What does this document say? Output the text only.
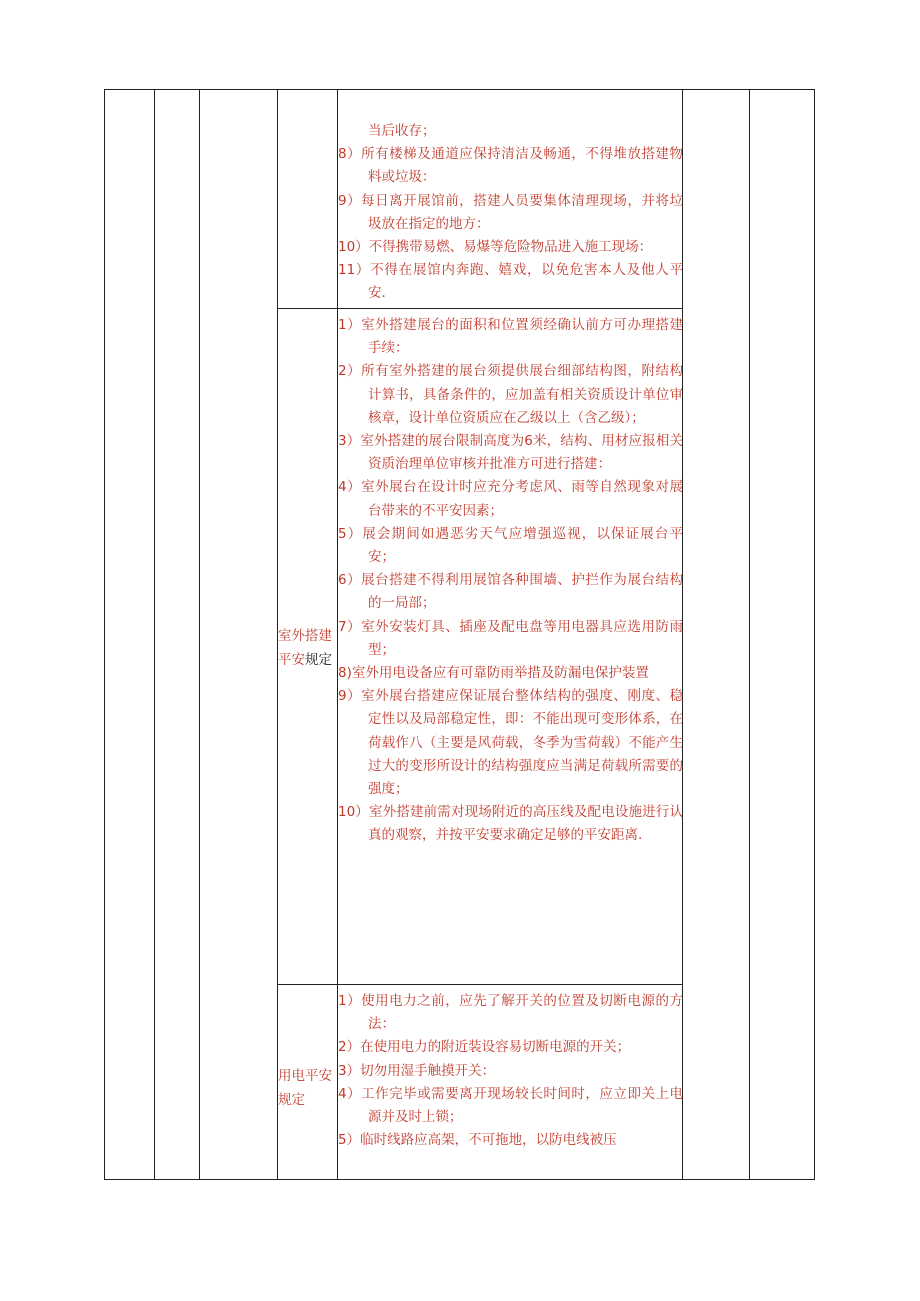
当后收存；
8）所有楼梯及通道应保持清洁及畅通，不得堆放搭建物料或垃圾：
9）每日离开展馆前，搭建人员要集体清理现场，并将垃圾放在指定的地方：
10）不得携带易燃、易爆等危险物品进入施工现场：
11）不得在展馆内奔跑、嬉戏，以免危害本人及他人平安.
室外搭建
平安规定
1）室外搭建展台的面积和位置须经确认前方可办理搭建手续：
2）所有室外搭建的展台须提供展台细部结构图，附结构计算书，具备条件的，应加盖有相关资质设计单位审核章，设计单位资质应在乙级以上（含乙级）；
3）室外搭建的展台限制高度为6米，结构、用材应报相关资质治理单位审核并批准方可进行搭建：
4）室外展台在设计时应充分考虑风、雨等自然现象对展台带来的不平安因素；
5）展会期间如遇恶劣天气应增强巡视，以保证展台平安；
6）展台搭建不得利用展馆各种围墙、护拦作为展台结构的一局部；
7）室外安装灯具、插座及配电盘等用电器具应选用防雨型；
8)室外用电设备应有可靠防雨举措及防漏电保护装置
9）室外展台搭建应保证展台整体结构的强度、刚度、稳定性以及局部稳定性，即：不能出现可变形体系，在荷载作八（主要是风荷载，冬季为雪荷载）不能产生过大的变形所设计的结构强度应当满足荷载所需要的强度；
10）室外搭建前需对现场附近的高压线及配电设施进行认真的观察，并按平安要求确定足够的平安距离.
用电平安
规定
1）使用电力之前，应先了解开关的位置及切断电源的方法：
2）在使用电力的附近装设容易切断电源的开关；
3）切勿用湿手触摸开关：
4）工作完毕或需要离开现场较长时间时，应立即关上电源并及时上锁；
5）临时线路应高架，不可拖地，以防电线被压
